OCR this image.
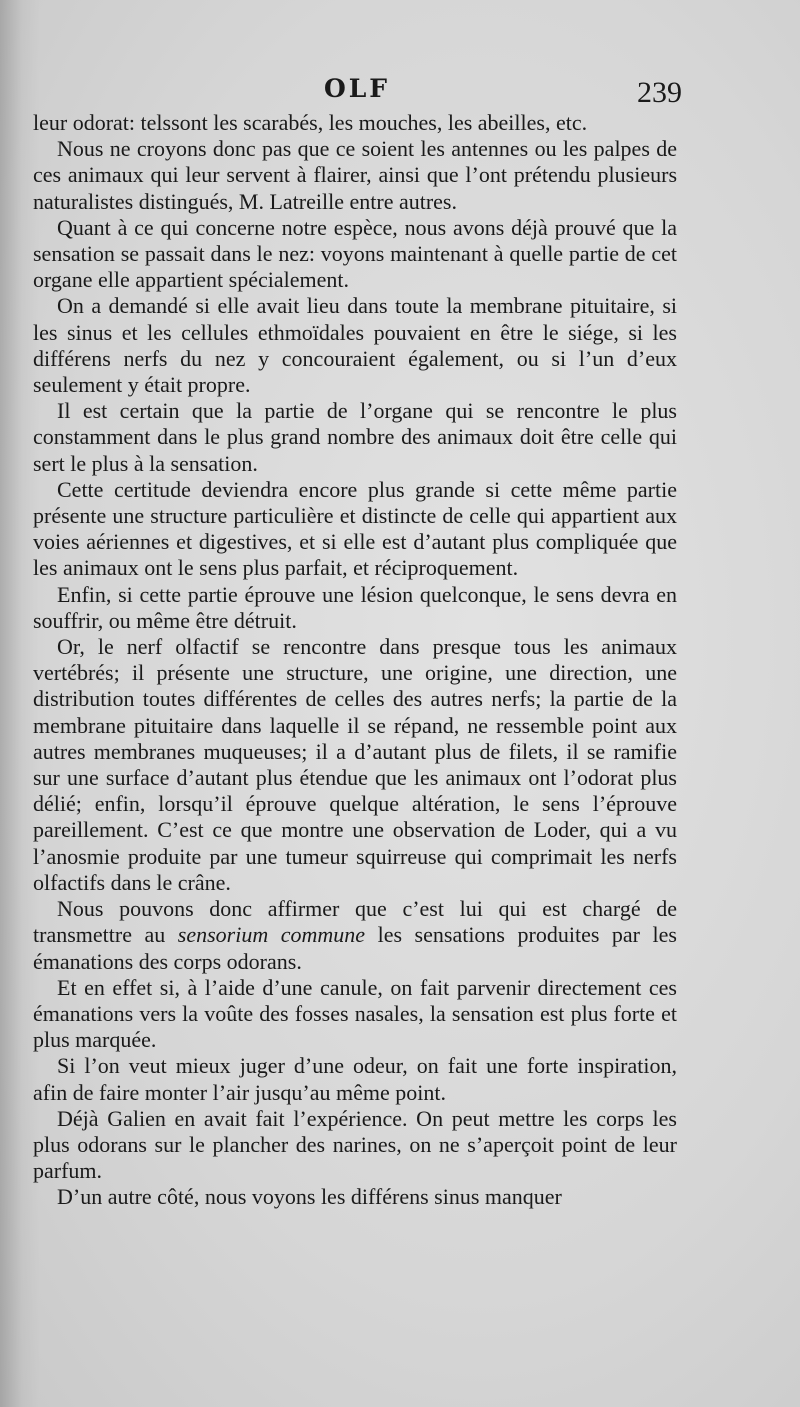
OLF	239

leur odorat: telssont les scarabés, les mouches, les abeilles, etc.

Nous ne croyons donc pas que ce soient les antennes ou les palpes de ces animaux qui leur servent à flairer, ainsi que l’ont prétendu plusieurs naturalistes distingués, M. Latreille entre autres.

Quant à ce qui concerne notre espèce, nous avons déjà prouvé que la sensation se passait dans le nez: voyons maintenant à quelle partie de cet organe elle appartient spécialement.

On a demandé si elle avait lieu dans toute la membrane pituitaire, si les sinus et les cellules ethmoïdales pouvaient en être le siége, si les différens nerfs du nez y concouraient également, ou si l’un d’eux seulement y était propre.

Il est certain que la partie de l’organe qui se rencontre le plus constamment dans le plus grand nombre des animaux doit être celle qui sert le plus à la sensation.

Cette certitude deviendra encore plus grande si cette même partie présente une structure particulière et distincte de celle qui appartient aux voies aériennes et digestives, et si elle est d’autant plus compliquée que les animaux ont le sens plus parfait, et réciproquement.

Enfin, si cette partie éprouve une lésion quelconque, le sens devra en souffrir, ou même être détruit.

Or, le nerf olfactif se rencontre dans presque tous les animaux vertébrés; il présente une structure, une origine, une direction, une distribution toutes différentes de celles des autres nerfs; la partie de la membrane pituitaire dans laquelle il se répand, ne ressemble point aux autres membranes muqueuses; il a d’autant plus de filets, il se ramifie sur une surface d’autant plus étendue que les animaux ont l’odorat plus délié; enfin, lorsqu’il éprouve quelque altération, le sens l’éprouve pareillement. C’est ce que montre une observation de Loder, qui a vu l’anosmie produite par une tumeur squirreuse qui comprimait les nerfs olfactifs dans le crâne.

Nous pouvons donc affirmer que c’est lui qui est chargé de transmettre au sensorium commune les sensations produites par les émanations des corps odorans.

Et en effet si, à l’aide d’une canule, on fait parvenir directement ces émanations vers la voûte des fosses nasales, la sensation est plus forte et plus marquée.

Si l’on veut mieux juger d’une odeur, on fait une forte inspiration, afin de faire monter l’air jusqu’au même point.

Déjà Galien en avait fait l’expérience. On peut mettre les corps les plus odorans sur le plancher des narines, on ne s’aperçoit point de leur parfum.

D’un autre côté, nous voyons les différens sinus manquer
